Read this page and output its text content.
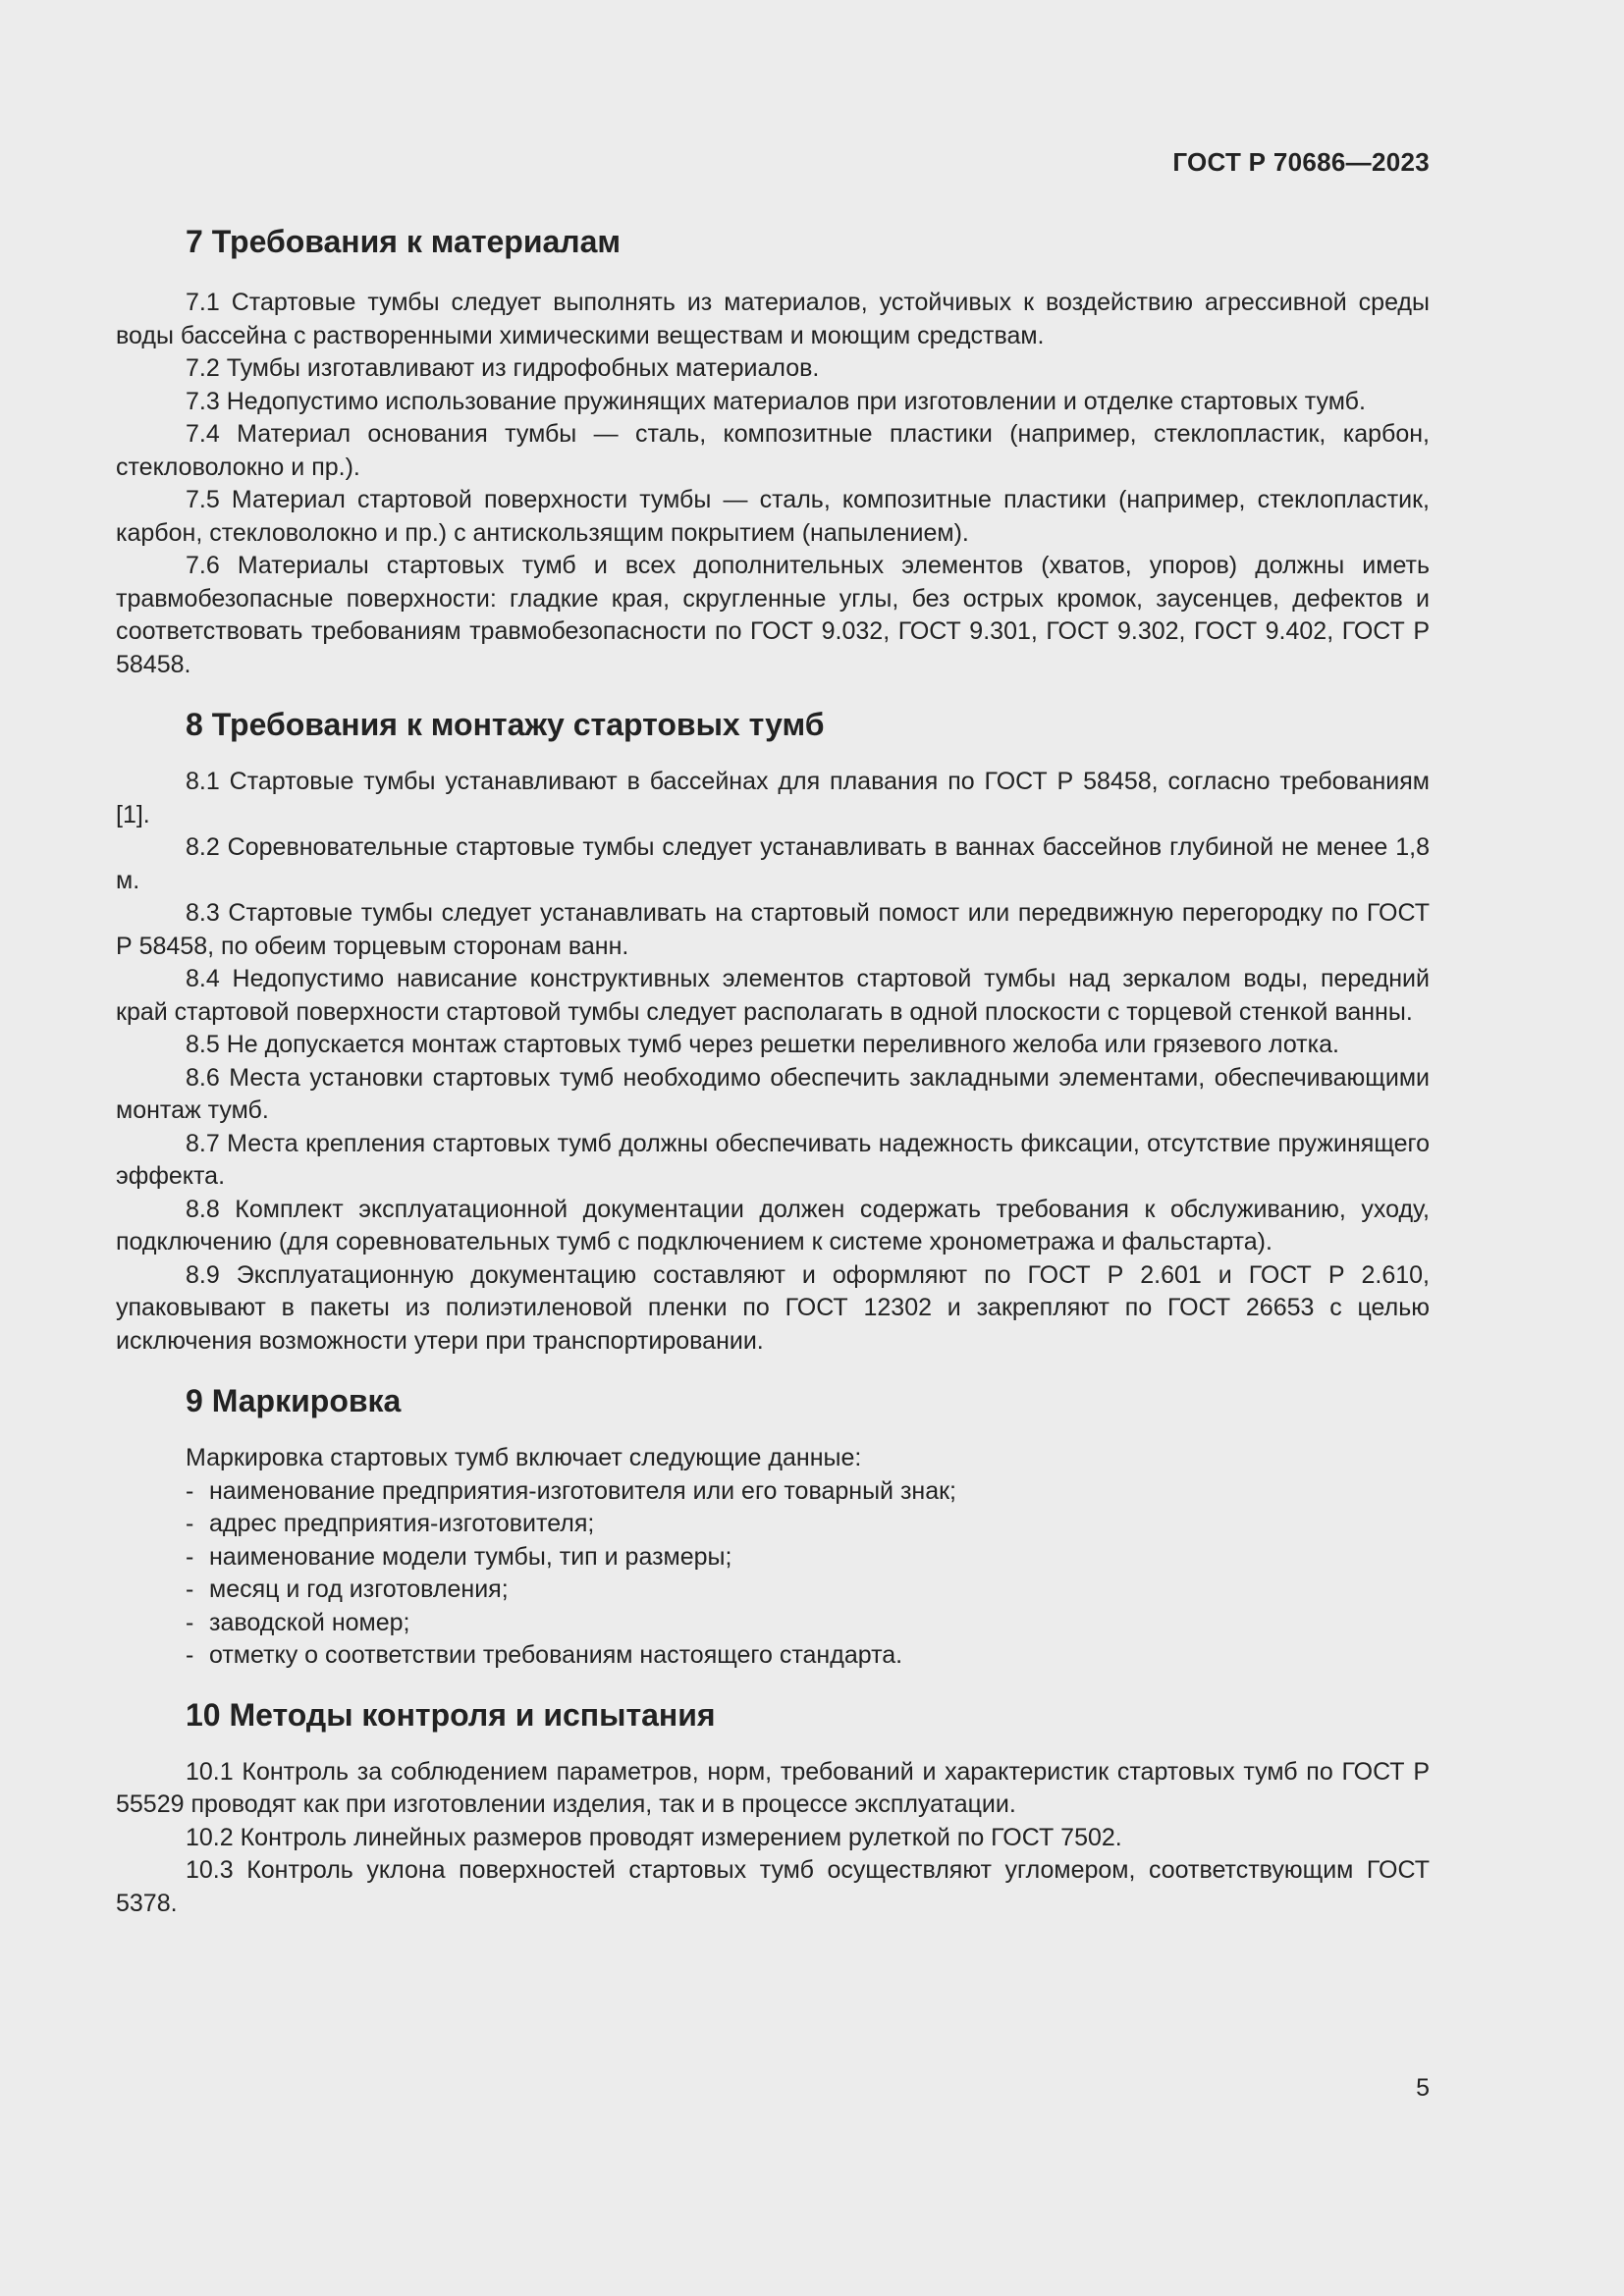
ГОСТ Р 70686—2023
7 Требования к материалам

7.1 Стартовые тумбы следует выполнять из материалов, устойчивых к воздействию агрессивной среды воды бассейна с растворенными химическими веществам и моющим средствам.

7.2 Тумбы изготавливают из гидрофобных материалов.

7.3 Недопустимо использование пружинящих материалов при изготовлении и отделке стартовых тумб.

7.4 Материал основания тумбы — сталь, композитные пластики (например, стеклопластик, карбон, стекловолокно и пр.).

7.5 Материал стартовой поверхности тумбы — сталь, композитные пластики (например, стеклопластик, карбон, стекловолокно и пр.) с антискользящим покрытием (напылением).

7.6 Материалы стартовых тумб и всех дополнительных элементов (хватов, упоров) должны иметь травмобезопасные поверхности: гладкие края, скругленные углы, без острых кромок, заусенцев, дефектов и соответствовать требованиям травмобезопасности по ГОСТ 9.032, ГОСТ 9.301, ГОСТ 9.302, ГОСТ 9.402, ГОСТ Р 58458.

8 Требования к монтажу стартовых тумб

8.1 Стартовые тумбы устанавливают в бассейнах для плавания по ГОСТ Р 58458, согласно требованиям [1].

8.2 Соревновательные стартовые тумбы следует устанавливать в ваннах бассейнов глубиной не менее 1,8 м.

8.3 Стартовые тумбы следует устанавливать на стартовый помост или передвижную перегородку по ГОСТ Р 58458, по обеим торцевым сторонам ванн.

8.4 Недопустимо нависание конструктивных элементов стартовой тумбы над зеркалом воды, передний край стартовой поверхности стартовой тумбы следует располагать в одной плоскости с торцевой стенкой ванны.

8.5 Не допускается монтаж стартовых тумб через решетки переливного желоба или грязевого лотка.

8.6 Места установки стартовых тумб необходимо обеспечить закладными элементами, обеспечивающими монтаж тумб.

8.7 Места крепления стартовых тумб должны обеспечивать надежность фиксации, отсутствие пружинящего эффекта.

8.8 Комплект эксплуатационной документации должен содержать требования к обслуживанию, уходу, подключению (для соревновательных тумб с подключением к системе хронометража и фальстарта).

8.9 Эксплуатационную документацию составляют и оформляют по ГОСТ Р 2.601 и ГОСТ Р 2.610, упаковывают в пакеты из полиэтиленовой пленки по ГОСТ 12302 и закрепляют по ГОСТ 26653 с целью исключения возможности утери при транспортировании.

9 Маркировка

Маркировка стартовых тумб включает следующие данные:

- наименование предприятия-изготовителя или его товарный знак;
- адрес предприятия-изготовителя;
- наименование модели тумбы, тип и размеры;
- месяц и год изготовления;
- заводской номер;
- отметку о соответствии требованиям настоящего стандарта.
10 Методы контроля и испытания

10.1 Контроль за соблюдением параметров, норм, требований и характеристик стартовых тумб по ГОСТ Р 55529 проводят как при изготовлении изделия, так и в процессе эксплуатации.

10.2 Контроль линейных размеров проводят измерением рулеткой по ГОСТ 7502.

10.3 Контроль уклона поверхностей стартовых тумб осуществляют угломером, соответствующим ГОСТ 5378.

5
